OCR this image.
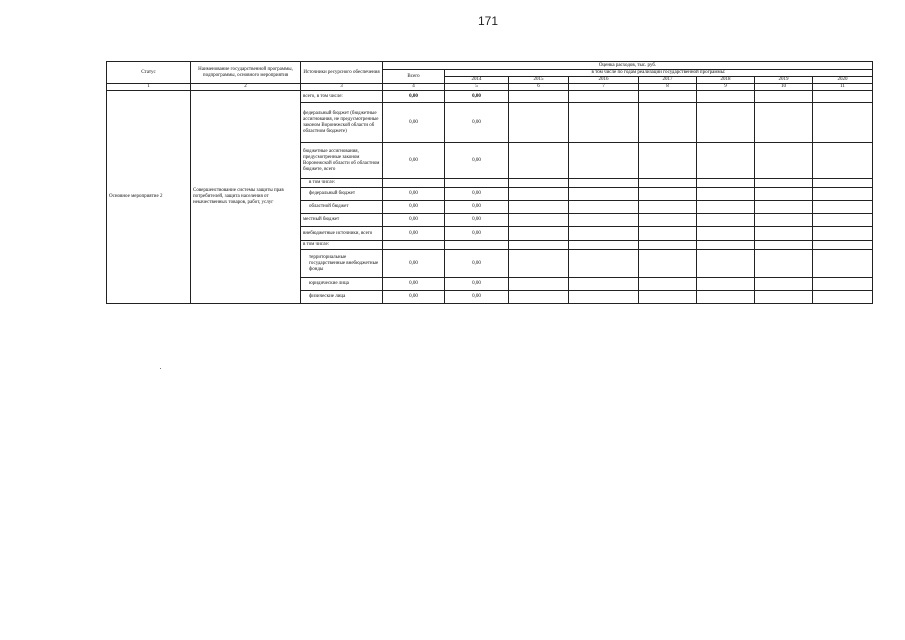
171
Статус	Наименование государственной программы, подпрограммы, основного мероприятия	Источники ресурсного обеспечения	Оценка расходов, тыс. руб.							
			Всего	в том числе по годам реализации государственной программы:						
				2014	2015	2016	2017	2018	2019	2020
1	2	3	4	5	6	7	8	9	10	11
Основное мероприятие 2	Совершенствование системы защиты прав потребителей, защита населения от некачественных товаров, работ, услуг	всего, в том числе:	0,00	0,00						
		федеральный бюджет (бюджетные ассигнования, не предусмотренные законом Воронежской области об областном бюджете)	0,00	0,00						
		бюджетные ассигнования, предусмотренные законом Воронежской области об областном бюджете, всего	0,00	0,00						
		в том числе:								
		федеральный бюджет	0,00	0,00						
		областной бюджет	0,00	0,00						
		местный бюджет	0,00	0,00						
		внебюджетные источники, всего	0,00	0,00						
		в том числе:								
		территориальные государственные внебюджетные фонды	0,00	0,00						
		юридические лица	0,00	0,00						
		физические лица	0,00	0,00						
